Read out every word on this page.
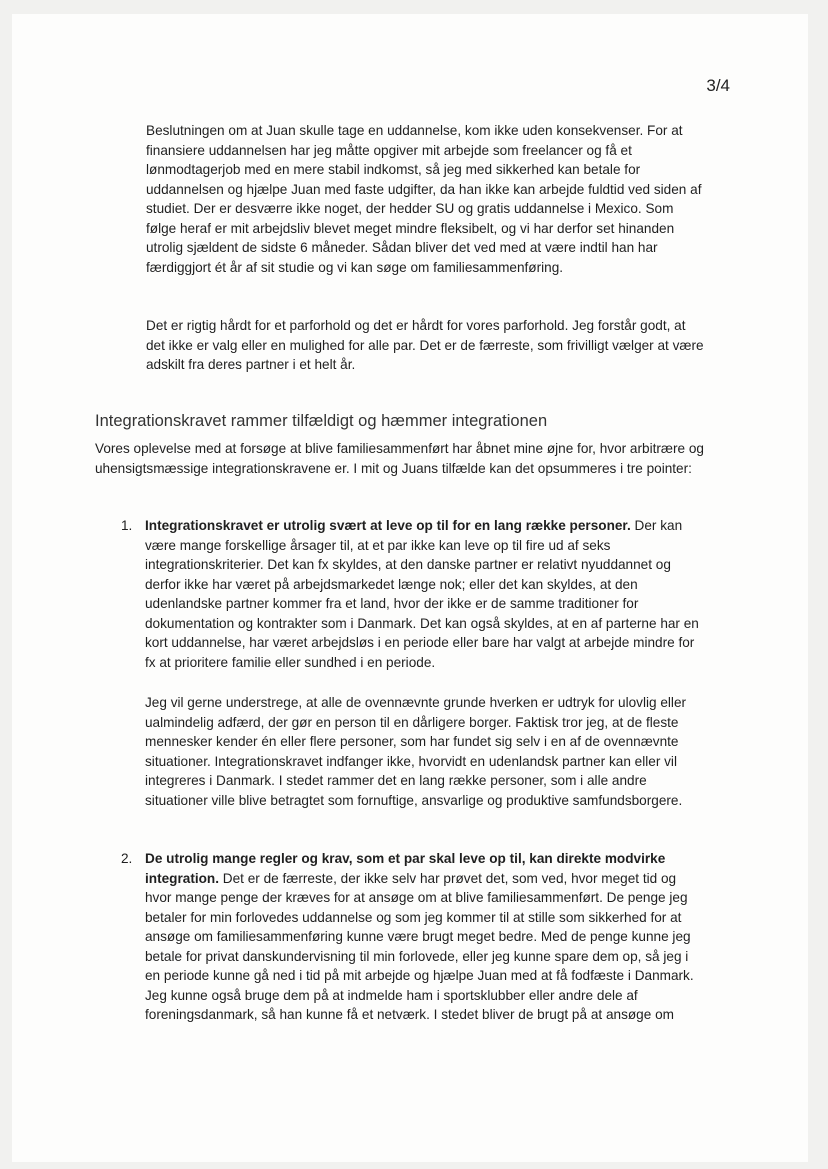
3/4
Beslutningen om at Juan skulle tage en uddannelse, kom ikke uden konsekvenser. For at finansiere uddannelsen har jeg måtte opgiver mit arbejde som freelancer og få et lønmodtagerjob med en mere stabil indkomst, så jeg med sikkerhed kan betale for uddannelsen og hjælpe Juan med faste udgifter, da han ikke kan arbejde fuldtid ved siden af studiet. Der er desværre ikke noget, der hedder SU og gratis uddannelse i Mexico. Som følge heraf er mit arbejdsliv blevet meget mindre fleksibelt, og vi har derfor set hinanden utrolig sjældent de sidste 6 måneder. Sådan bliver det ved med at være indtil han har færdiggjort ét år af sit studie og vi kan søge om familiesammenføring.
Det er rigtig hårdt for et parforhold og det er hårdt for vores parforhold. Jeg forstår godt, at det ikke er valg eller en mulighed for alle par. Det er de færreste, som frivilligt vælger at være adskilt fra deres partner i et helt år.
Integrationskravet rammer tilfældigt og hæmmer integrationen
Vores oplevelse med at forsøge at blive familiesammenført har åbnet mine øjne for, hvor arbitrære og uhensigtsmæssige integrationskravene er. I mit og Juans tilfælde kan det opsummeres i tre pointer:
1. Integrationskravet er utrolig svært at leve op til for en lang række personer. Der kan være mange forskellige årsager til, at et par ikke kan leve op til fire ud af seks integrationskriterier. Det kan fx skyldes, at den danske partner er relativt nyuddannet og derfor ikke har været på arbejdsmarkedet længe nok; eller det kan skyldes, at den udenlandske partner kommer fra et land, hvor der ikke er de samme traditioner for dokumentation og kontrakter som i Danmark. Det kan også skyldes, at en af parterne har en kort uddannelse, har været arbejdsløs i en periode eller bare har valgt at arbejde mindre for fx at prioritere familie eller sundhed i en periode.
Jeg vil gerne understrege, at alle de ovennævnte grunde hverken er udtryk for ulovlig eller ualmindelig adfærd, der gør en person til en dårligere borger. Faktisk tror jeg, at de fleste mennesker kender én eller flere personer, som har fundet sig selv i en af de ovennævnte situationer. Integrationskravet indfanger ikke, hvorvidt en udenlandsk partner kan eller vil integreres i Danmark. I stedet rammer det en lang række personer, som i alle andre situationer ville blive betragtet som fornuftige, ansvarlige og produktive samfundsborgere.
2. De utrolig mange regler og krav, som et par skal leve op til, kan direkte modvirke integration. Det er de færreste, der ikke selv har prøvet det, som ved, hvor meget tid og hvor mange penge der kræves for at ansøge om at blive familiesammenført. De penge jeg betaler for min forlovedes uddannelse og som jeg kommer til at stille som sikkerhed for at ansøge om familiesammenføring kunne være brugt meget bedre. Med de penge kunne jeg betale for privat danskundervisning til min forlovede, eller jeg kunne spare dem op, så jeg i en periode kunne gå ned i tid på mit arbejde og hjælpe Juan med at få fodfæste i Danmark. Jeg kunne også bruge dem på at indmelde ham i sportsklubber eller andre dele af foreningsdanmark, så han kunne få et netværk. I stedet bliver de brugt på at ansøge om
